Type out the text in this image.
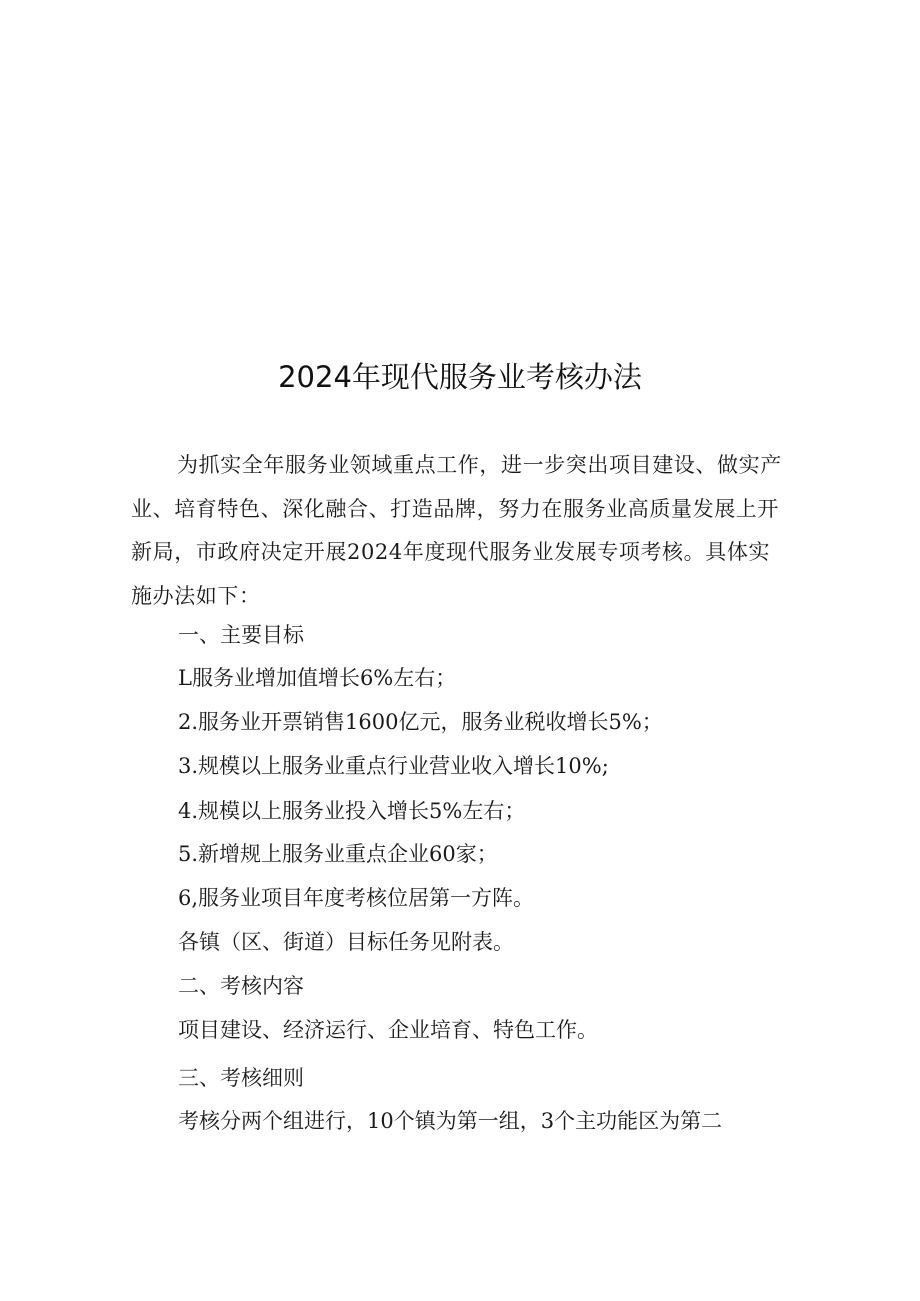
2024年现代服务业考核办法

为抓实全年服务业领域重点工作，进一步突出项目建设、做实产业、培育特色、深化融合、打造品牌，努力在服务业高质量发展上开新局，市政府决定开展2024年度现代服务业发展专项考核。具体实施办法如下：

一、主要目标

L服务业增加值增长6%左右；

2.服务业开票销售1600亿元，服务业税收增长5%；

3.规模以上服务业重点行业营业收入增长10%;

4.规模以上服务业投入增长5%左右；

5.新增规上服务业重点企业60家；

6,服务业项目年度考核位居第一方阵。

各镇（区、街道）目标任务见附表。

二、考核内容

项目建设、经济运行、企业培育、特色工作。

三、考核细则

考核分两个组进行，10个镇为第一组，3个主功能区为第二
